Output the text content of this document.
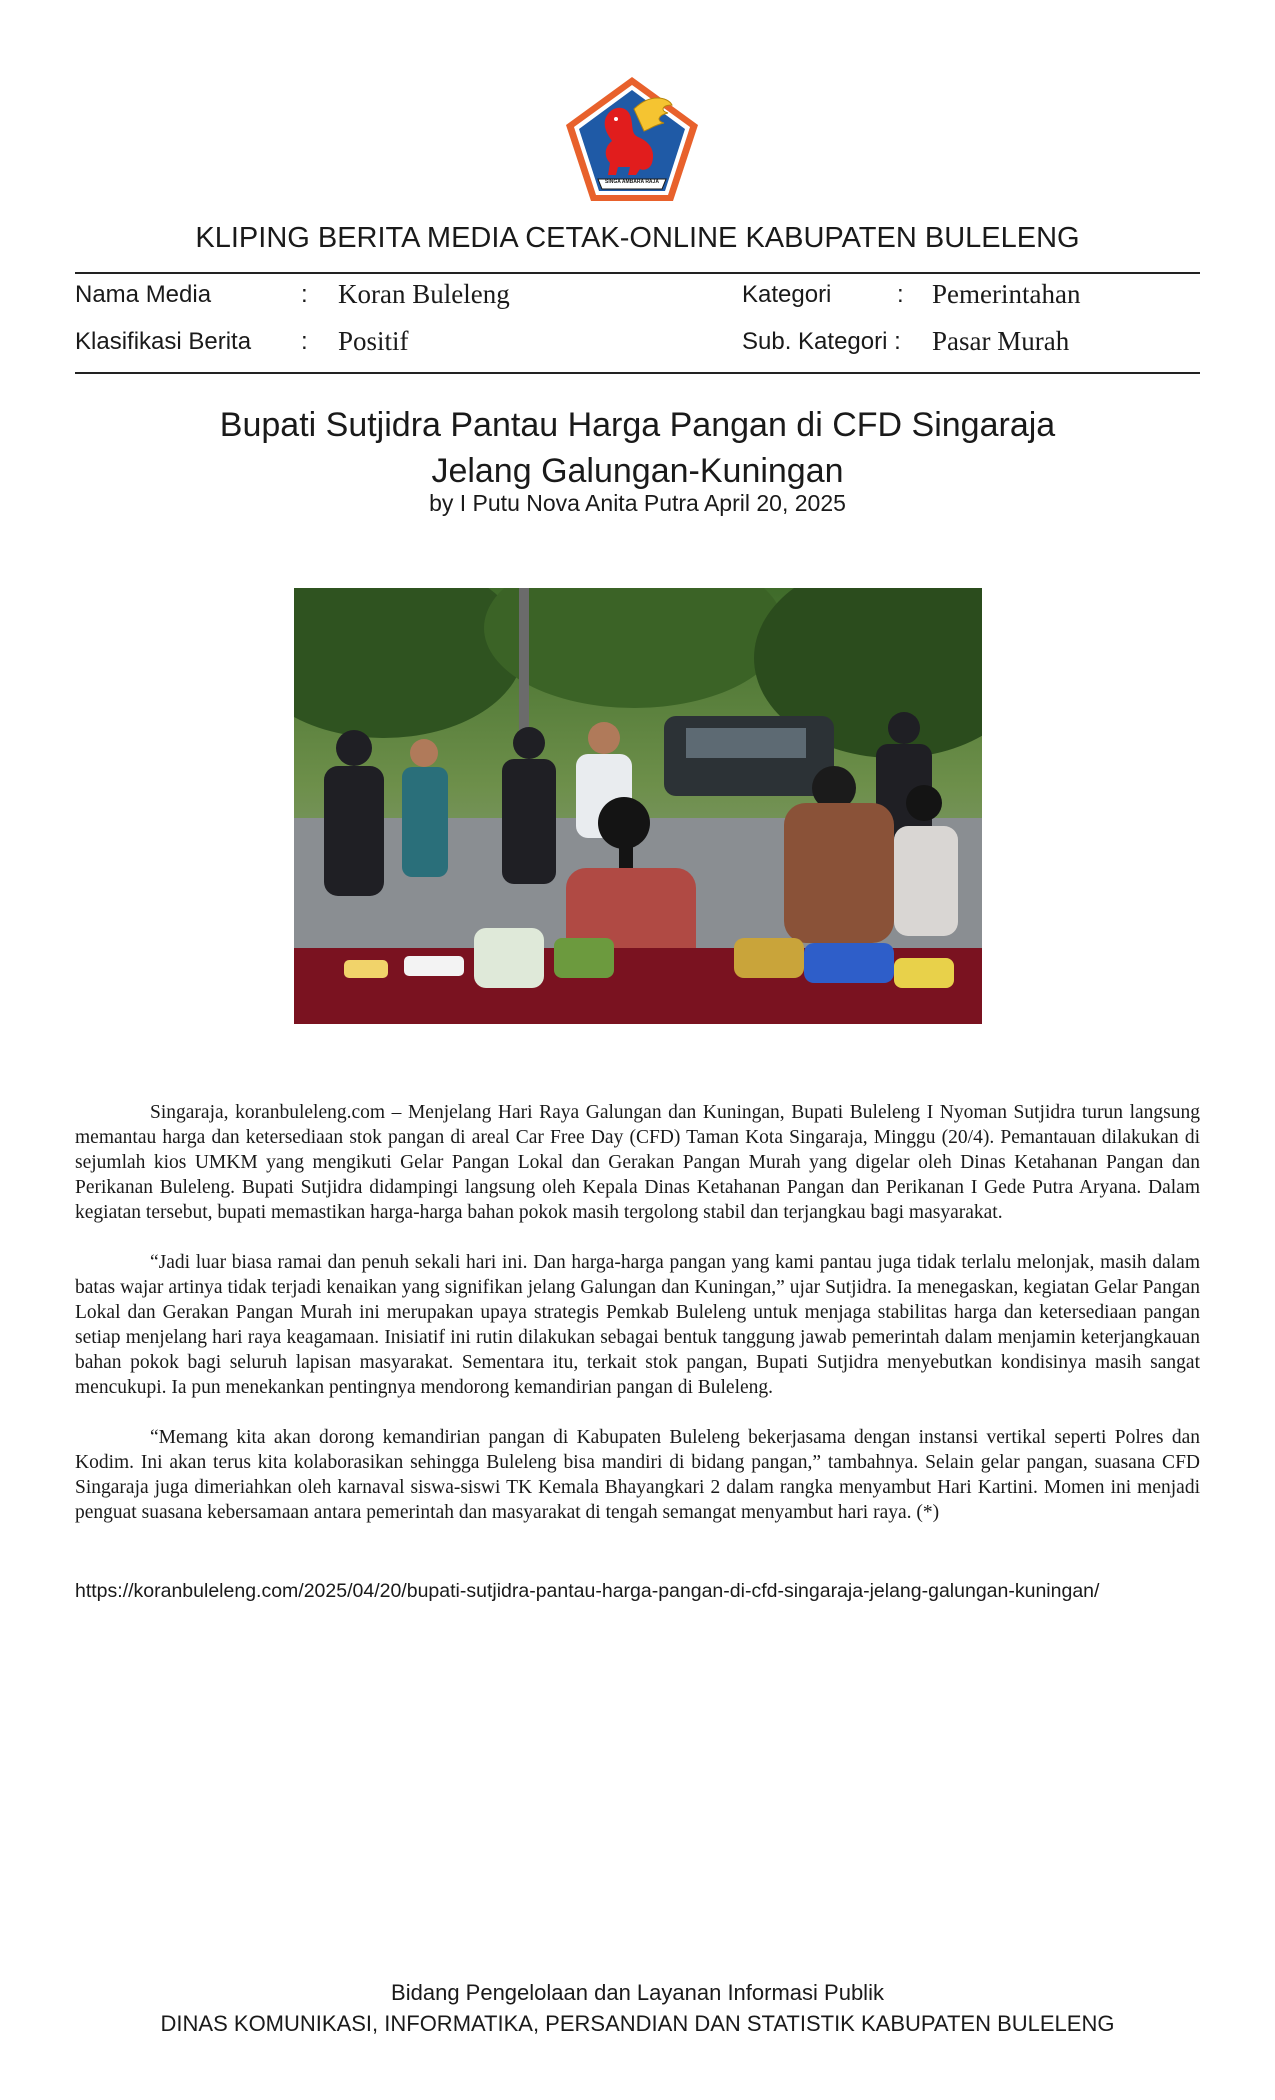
SINGA AMBARA RAJA
KLIPING BERITA MEDIA CETAK-ONLINE KABUPATEN BULELENG
Nama Media	: Koran Buleleng	Kategori	: Pemerintahan
Klasifikasi Berita : Positif	Sub. Kategori : Pasar Murah
Bupati Sutjidra Pantau Harga Pangan di CFD Singaraja
Jelang Galungan-Kuningan
by I Putu Nova Anita Putra April 20, 2025

Singaraja, koranbuleleng.com – Menjelang Hari Raya Galungan dan Kuningan, Bupati Buleleng I Nyoman Sutjidra turun langsung memantau harga dan ketersediaan stok pangan di areal Car Free Day (CFD) Taman Kota Singaraja, Minggu (20/4). Pemantauan dilakukan di sejumlah kios UMKM yang mengikuti Gelar Pangan Lokal dan Gerakan Pangan Murah yang digelar oleh Dinas Ketahanan Pangan dan Perikanan Buleleng. Bupati Sutjidra didampingi langsung oleh Kepala Dinas Ketahanan Pangan dan Perikanan I Gede Putra Aryana. Dalam kegiatan tersebut, bupati memastikan harga-harga bahan pokok masih tergolong stabil dan terjangkau bagi masyarakat.

“Jadi luar biasa ramai dan penuh sekali hari ini. Dan harga-harga pangan yang kami pantau juga tidak terlalu melonjak, masih dalam batas wajar artinya tidak terjadi kenaikan yang signifikan jelang Galungan dan Kuningan,” ujar Sutjidra. Ia menegaskan, kegiatan Gelar Pangan Lokal dan Gerakan Pangan Murah ini merupakan upaya strategis Pemkab Buleleng untuk menjaga stabilitas harga dan ketersediaan pangan setiap menjelang hari raya keagamaan. Inisiatif ini rutin dilakukan sebagai bentuk tanggung jawab pemerintah dalam menjamin keterjangkauan bahan pokok bagi seluruh lapisan masyarakat. Sementara itu, terkait stok pangan, Bupati Sutjidra menyebutkan kondisinya masih sangat mencukupi. Ia pun menekankan pentingnya mendorong kemandirian pangan di Buleleng.

“Memang kita akan dorong kemandirian pangan di Kabupaten Buleleng bekerjasama dengan instansi vertikal seperti Polres dan Kodim. Ini akan terus kita kolaborasikan sehingga Buleleng bisa mandiri di bidang pangan,” tambahnya. Selain gelar pangan, suasana CFD Singaraja juga dimeriahkan oleh karnaval siswa-siswi TK Kemala Bhayangkari 2 dalam rangka menyambut Hari Kartini. Momen ini menjadi penguat suasana kebersamaan antara pemerintah dan masyarakat di tengah semangat menyambut hari raya. (*)

https://koranbuleleng.com/2025/04/20/bupati-sutjidra-pantau-harga-pangan-di-cfd-singaraja-jelang-galungan-kuningan/
Bidang Pengelolaan dan Layanan Informasi Publik
DINAS KOMUNIKASI, INFORMATIKA, PERSANDIAN DAN STATISTIK KABUPATEN BULELENG
